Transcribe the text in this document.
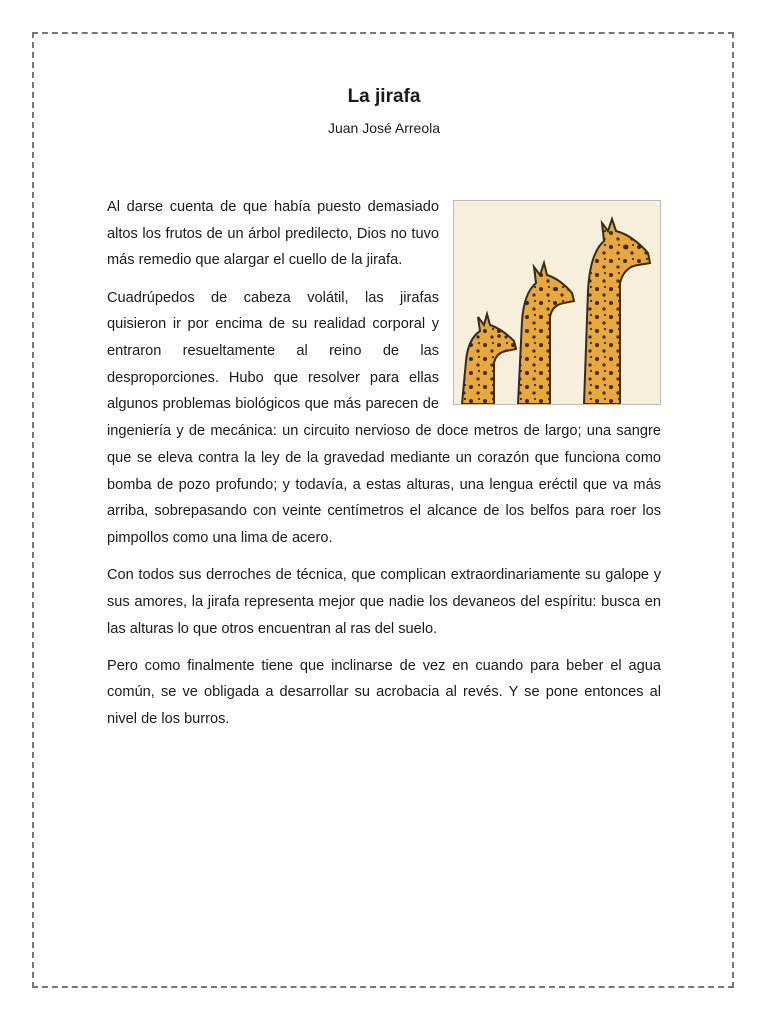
La jirafa
Juan José Arreola

Al darse cuenta de que había puesto demasiado altos los frutos de un árbol predilecto, Dios no tuvo más remedio que alargar el cuello de la jirafa.

Cuadrúpedos de cabeza volátil, las jirafas quisieron ir por encima de su realidad corporal y entraron resueltamente al reino de las desproporciones. Hubo que resolver para ellas algunos problemas biológicos que más parecen de ingeniería y de mecánica: un circuito nervioso de doce metros de largo; una sangre que se eleva contra la ley de la gravedad mediante un corazón que funciona como bomba de pozo profundo; y todavía, a estas alturas, una lengua eréctil que va más arriba, sobrepasando con veinte centímetros el alcance de los belfos para roer los pimpollos como una lima de acero.

Con todos sus derroches de técnica, que complican extraordinariamente su galope y sus amores, la jirafa representa mejor que nadie los devaneos del espíritu: busca en las alturas lo que otros encuentran al ras del suelo.

Pero como finalmente tiene que inclinarse de vez en cuando para beber el agua común, se ve obligada a desarrollar su acrobacia al revés. Y se pone entonces al nivel de los burros.
